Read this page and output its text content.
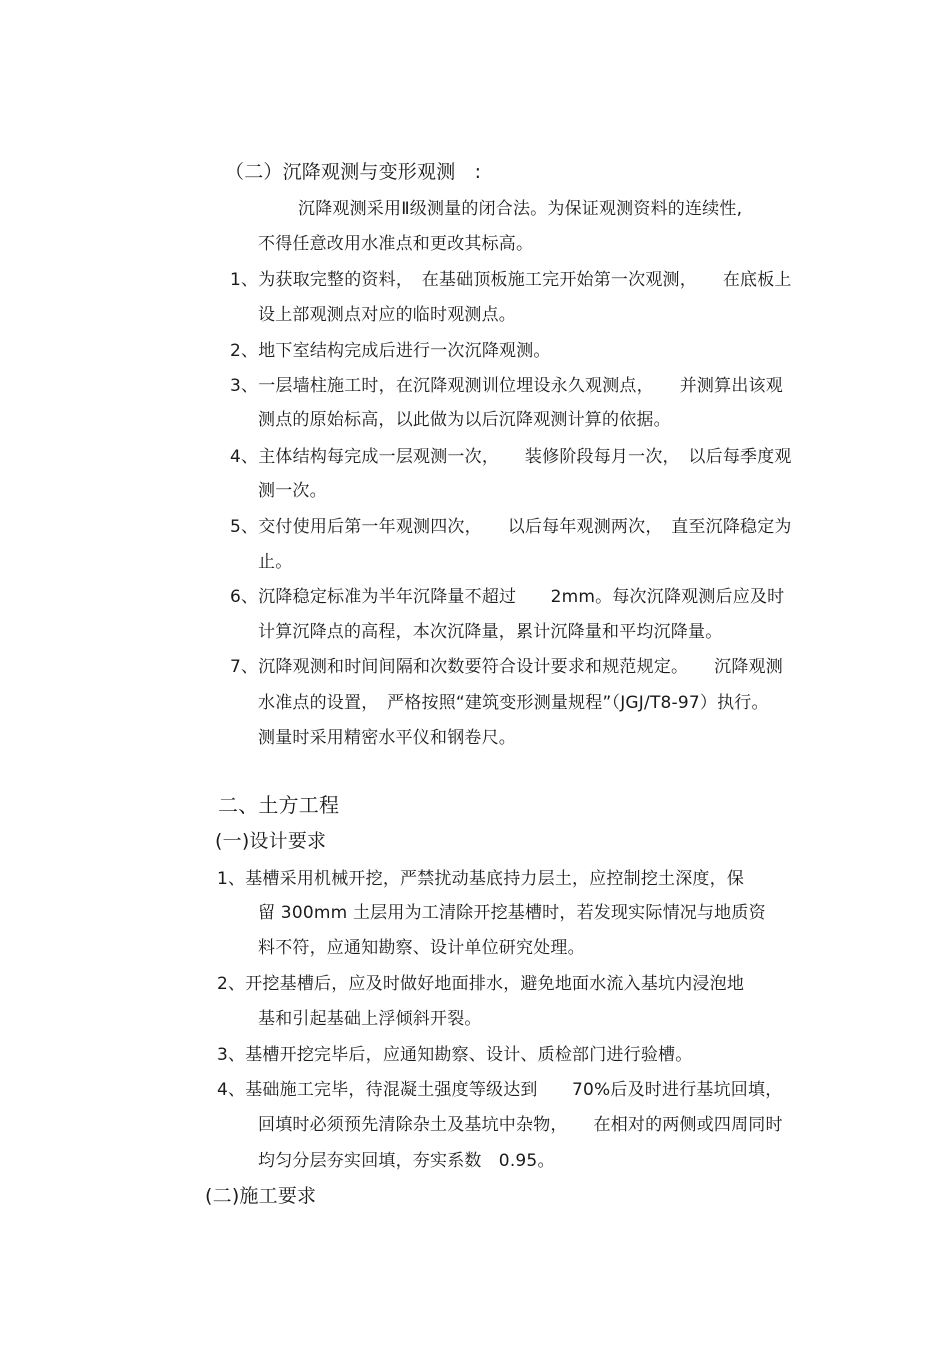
（二）沉降观测与变形观测　:
沉降观测采用Ⅱ级测量的闭合法。为保证观测资料的连续性,
不得任意改用水准点和更改其标高。
1、为获取完整的资料，　在基础顶板施工完开始第一次观测，　　在底板上
设上部观测点对应的临时观测点。
2、地下室结构完成后进行一次沉降观测。
3、一层墙柱施工时，在沉降观测训位埋设永久观测点，　　并测算出该观
测点的原始标高，以此做为以后沉降观测计算的依据。
4、主体结构每完成一层观测一次，　　装修阶段每月一次，　以后每季度观
测一次。
5、交付使用后第一年观测四次，　　以后每年观测两次，　直至沉降稳定为
止。
6、沉降稳定标准为半年沉降量不超过　　2mm。每次沉降观测后应及时
计算沉降点的高程，本次沉降量，累计沉降量和平均沉降量。
7、沉降观测和时间间隔和次数要符合设计要求和规范规定。　　沉降观测
水准点的设置，　严格按照“建筑变形测量规程”（JGJ/T8-97）执行。
测量时采用精密水平仪和钢卷尺。
二、土方工程
(一)设计要求
1、基槽采用机械开挖，严禁扰动基底持力层土，应控制挖土深度，保
留 300mm 土层用为工清除开挖基槽时，若发现实际情况与地质资
料不符，应通知勘察、设计单位研究处理。
2、开挖基槽后，应及时做好地面排水，避免地面水流入基坑内浸泡地
基和引起基础上浮倾斜开裂。
3、基槽开挖完毕后，应通知勘察、设计、质检部门进行验槽。
4、基础施工完毕，待混凝土强度等级达到　　70%后及时进行基坑回填，
回填时必须预先清除杂土及基坑中杂物，　　在相对的两侧或四周同时
均匀分层夯实回填，夯实系数　0.95。
(二)施工要求
